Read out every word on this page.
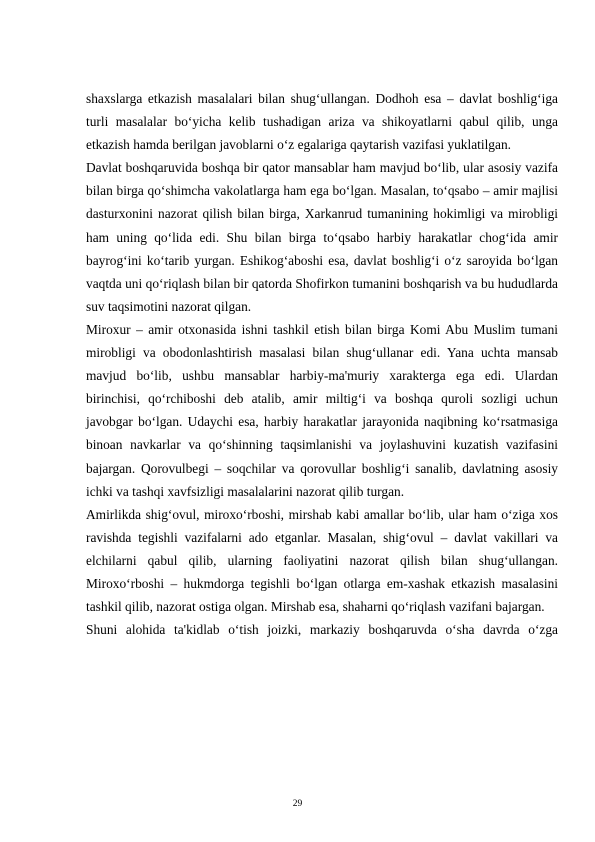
shaxslarga etkazish masalalari bilan shug‘ullangan. Dodhoh esa – davlat boshlig‘iga turli masalalar bo‘yicha kelib tushadigan ariza va shikoyatlarni qabul qilib, unga etkazish hamda berilgan javoblarni o‘z egalariga qaytarish vazifasi yuklatilgan.

Davlat boshqaruvida boshqa bir qator mansablar ham mavjud bo‘lib, ular asosiy vazifa bilan birga qo‘shimcha vakolatlarga ham ega bo‘lgan. Masalan, to‘qsabo – amir majlisi dasturxonini nazorat qilish bilan birga, Xarkanrud tumanining hokimligi va mirobligi ham uning qo‘lida edi. Shu bilan birga to‘qsabo harbiy harakatlar chog‘ida amir bayrog‘ini ko‘tarib yurgan. Eshikog‘aboshi esa, davlat boshlig‘i o‘z saroyida bo‘lgan vaqtda uni qo‘riqlash bilan bir qatorda Shofirkon tumanini boshqarish va bu hududlarda suv taqsimotini nazorat qilgan.

Miroxur – amir otxonasida ishni tashkil etish bilan birga Komi Abu Muslim tumani mirobligi va obodonlashtirish masalasi bilan shug‘ullanar edi. Yana uchta mansab mavjud bo‘lib, ushbu mansablar harbiy-ma'muriy xarakterga ega edi. Ulardan birinchisi, qo‘rchiboshi deb atalib, amir miltig‘i va boshqa quroli sozligi uchun javobgar bo‘lgan. Udaychi esa, harbiy harakatlar jarayonida naqibning ko‘rsatmasiga binoan navkarlar va qo‘shinning taqsimlanishi va joylashuvini kuzatish vazifasini bajargan. Qorovulbegi – soqchilar va qorovullar boshlig‘i sanalib, davlatning asosiy ichki va tashqi xavfsizligi masalalarini nazorat qilib turgan.

Amirlikda shig‘ovul, miroxo‘rboshi, mirshab kabi amallar bo‘lib, ular ham o‘ziga xos ravishda tegishli vazifalarni ado etganlar. Masalan, shig‘ovul – davlat vakillari va elchilarni qabul qilib, ularning faoliyatini nazorat qilish bilan shug‘ullangan. Miroxo‘rboshi – hukmdorga tegishli bo‘lgan otlarga em-xashak etkazish masalasini tashkil qilib, nazorat ostiga olgan. Mirshab esa, shaharni qo‘riqlash vazifani bajargan.

Shuni alohida ta'kidlab o‘tish joizki, markaziy boshqaruvda o‘sha davrda o‘zga

29
